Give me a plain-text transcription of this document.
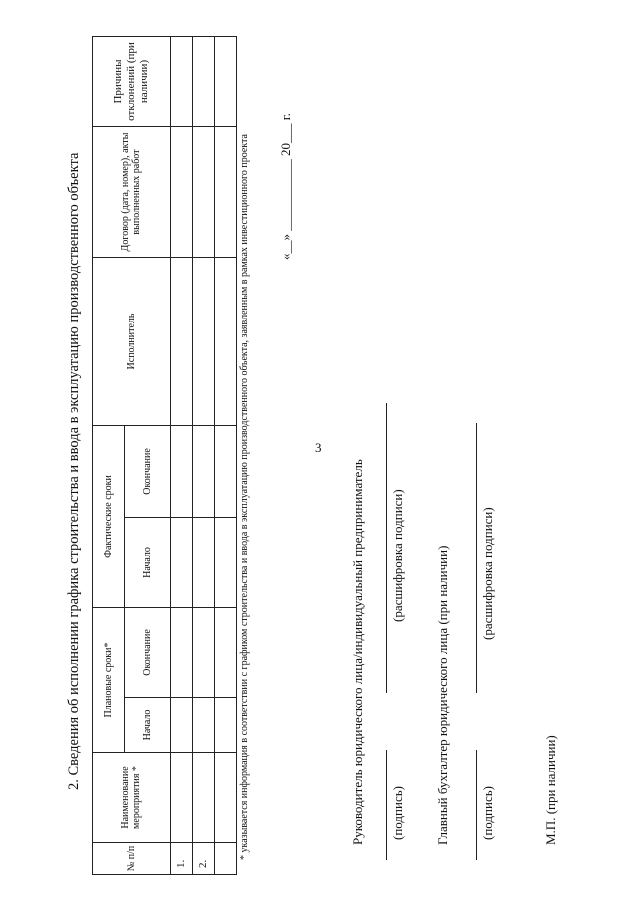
3
2. Сведения об исполнении графика строительства и ввода в эксплуатацию производственного объекта
№ п/п	Наименование мероприятия *	Плановые сроки*		Фактические сроки		Исполнитель	Договор (дата, номер), акты выполненных работ	Причины отклонений (при наличии)
		Начало	Окончание	Начало	Окончание			
1.								
2.								

* указывается информация в соответствии с графиком строительства и ввода в эксплуатацию производственного объекта, заявленным в рамках инвестиционного проекта «__» ___________ 20___ г.
Руководитель юридического лица/индивидуальный предприниматель (подпись)
(расшифровка подписи) Главный бухгалтер юридического лица (при наличии) (подпись)
(расшифровка подписи)
М.П. (при наличии)
